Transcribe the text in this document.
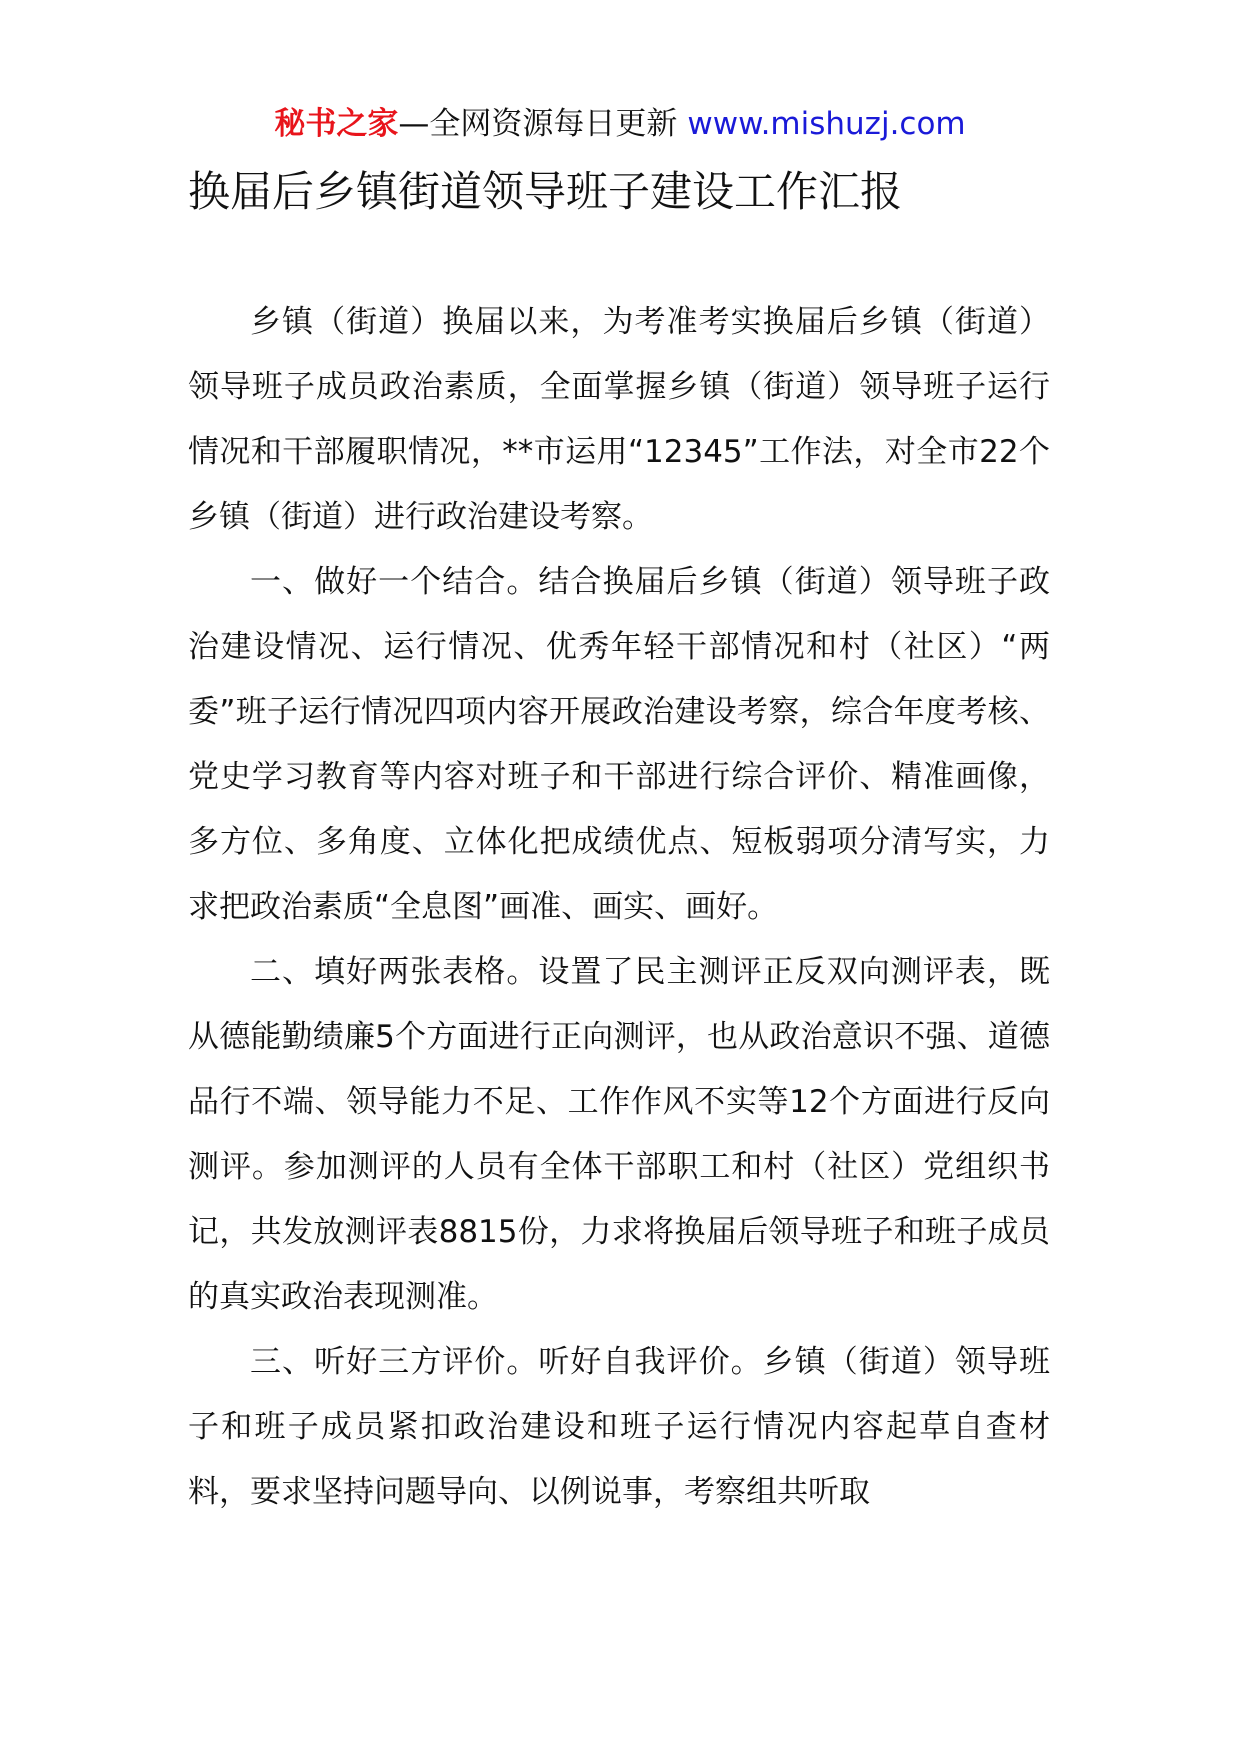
秘书之家—全网资源每日更新 www.mishuzj.com
换届后乡镇街道领导班子建设工作汇报

乡镇（街道）换届以来，为考准考实换届后乡镇（街道）领导班子成员政治素质，全面掌握乡镇（街道）领导班子运行情况和干部履职情况，**市运用“12345”工作法，对全市22个乡镇（街道）进行政治建设考察。

一、做好一个结合。结合换届后乡镇（街道）领导班子政治建设情况、运行情况、优秀年轻干部情况和村（社区）“两委”班子运行情况四项内容开展政治建设考察，综合年度考核、党史学习教育等内容对班子和干部进行综合评价、精准画像，多方位、多角度、立体化把成绩优点、短板弱项分清写实，力求把政治素质“全息图”画准、画实、画好。

二、填好两张表格。设置了民主测评正反双向测评表，既从德能勤绩廉5个方面进行正向测评，也从政治意识不强、道德品行不端、领导能力不足、工作作风不实等12个方面进行反向测评。参加测评的人员有全体干部职工和村（社区）党组织书记，共发放测评表8815份，力求将换届后领导班子和班子成员的真实政治表现测准。

三、听好三方评价。听好自我评价。乡镇（街道）领导班子和班子成员紧扣政治建设和班子运行情况内容起草自查材料，要求坚持问题导向、以例说事，考察组共听取
